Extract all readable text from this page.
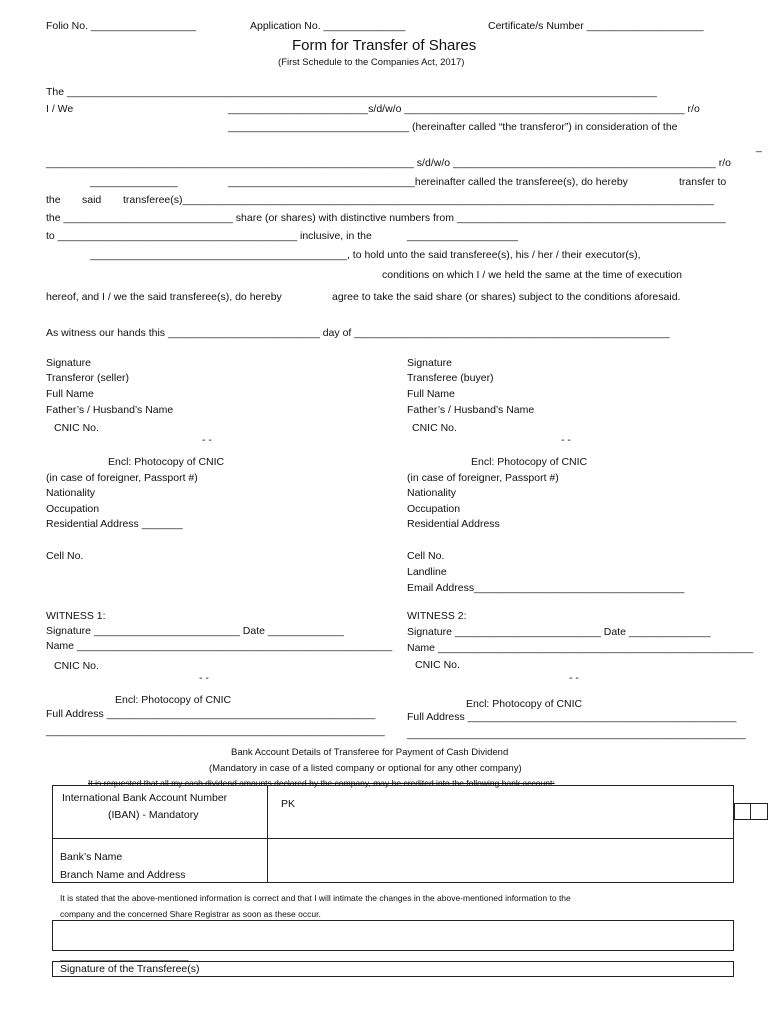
Folio No. __________________	Application No. ______________	Certificate/s Number ____________________
Form for Transfer of Shares
(First Schedule to the Companies Act, 2017)
The _____________________________________________________________________________________________________
I / We	________________________s/d/w/o ________________________________________________ r/o
_______________________________ (hereinafter called “the transferor”) in consideration of the
_
_______________________________________________________________ s/d/w/o _____________________________________________ r/o
_______________	________________________________hereinafter called the transferee(s), do hereby	transfer to
the said transferee(s)___________________________________________________________________________________________
the _____________________________ share (or shares) with distinctive numbers from ______________________________________________
to _________________________________________ inclusive, in the	___________________
____________________________________________, to hold unto the said transferee(s), his / her / their executor(s),
conditions on which I / we held the same at the time of execution
hereof, and I / we the said transferee(s), do hereby	agree to take the said share (or shares) subject to the conditions aforesaid.
As witness our hands this __________________________ day of ______________________________________________________
Signature
Transferor (seller)
Full Name
Father’s / Husband’s Name
CNIC No.
- -
Encl: Photocopy of CNIC
(in case of foreigner, Passport #)
Nationality
Occupation
Residential Address _______
Cell No.
Signature
Transferee (buyer)
Full Name
Father’s / Husband’s Name
CNIC No.
- -
Encl: Photocopy of CNIC
(in case of foreigner, Passport #)
Nationality
Occupation
Residential Address
Cell No.
Landline
Email Address____________________________________
WITNESS 1:
Signature _________________________ Date _____________
Name ______________________________________________________
CNIC No.
- -
Encl: Photocopy of CNIC
Full Address ______________________________________________
__________________________________________________________
WITNESS 2:
Signature _________________________ Date ______________
Name ______________________________________________________
CNIC No.
- -
Encl: Photocopy of CNIC
Full Address ______________________________________________
__________________________________________________________
Bank Account Details of Transferee for Payment of Cash Dividend
(Mandatory in case of a listed company or optional for any other company)
It is requested that all my cash dividend amounts declared by the company, may be credited into the following bank account:
International Bank Account Number
(IBAN) - Mandatory
PK
Bank’s Name
Branch Name and Address
It is stated that the above-mentioned information is correct and that I will intimate the changes in the above-mentioned information to the
company and the concerned Share Registrar as soon as these occur.
______________________
Signature of the Transferee(s)
